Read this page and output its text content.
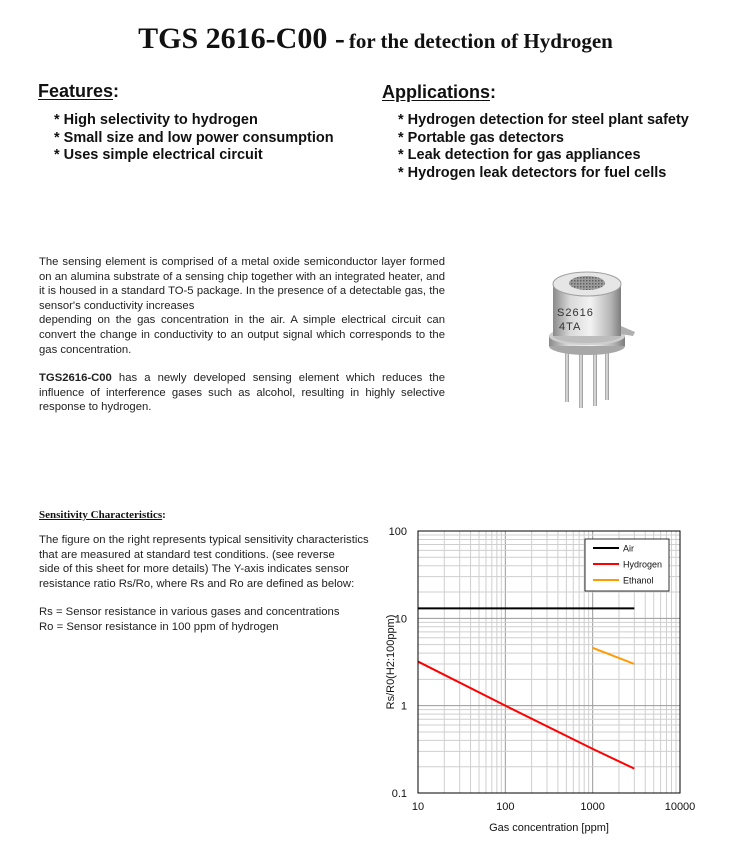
TGS 2616-C00 - for the detection of Hydrogen
Features:
* High selectivity to hydrogen
* Small size and low power consumption
* Uses simple electrical circuit
Applications:
* Hydrogen detection for steel plant safety
* Portable gas detectors
* Leak detection for gas appliances
* Hydrogen leak detectors for fuel cells

The sensing element is comprised of a metal oxide semiconductor layer formed on an alumina substrate of a sensing chip together with an integrated heater, and it is housed in a standard TO-5 package. In the presence of a detectable gas, the sensor's conductivity increases
depending on the gas concentration in the air. A simple electrical circuit can convert the change in conductivity to an output signal which corresponds to the gas concentration.

TGS2616-C00 has a newly developed sensing element which reduces the influence of interference gases such as alcohol, resulting in highly selective response to hydrogen.

S2616
4TA
Sensitivity Characteristics:

The figure on the right represents typical sensitivity characteristics
that are measured at standard test conditions. (see reverse
side of this sheet for more details) The Y-axis indicates sensor
resistance ratio Rs/Ro, where Rs and Ro are defined as below:

Rs = Sensor resistance in various gases and concentrations

Ro = Sensor resistance in 100 ppm of hydrogen

10	100	1000	10000
0.1
1
10
100
Air
Hydrogen
Ethanol
Gas concentration [ppm]
Rs/R0(H2:100ppm)
